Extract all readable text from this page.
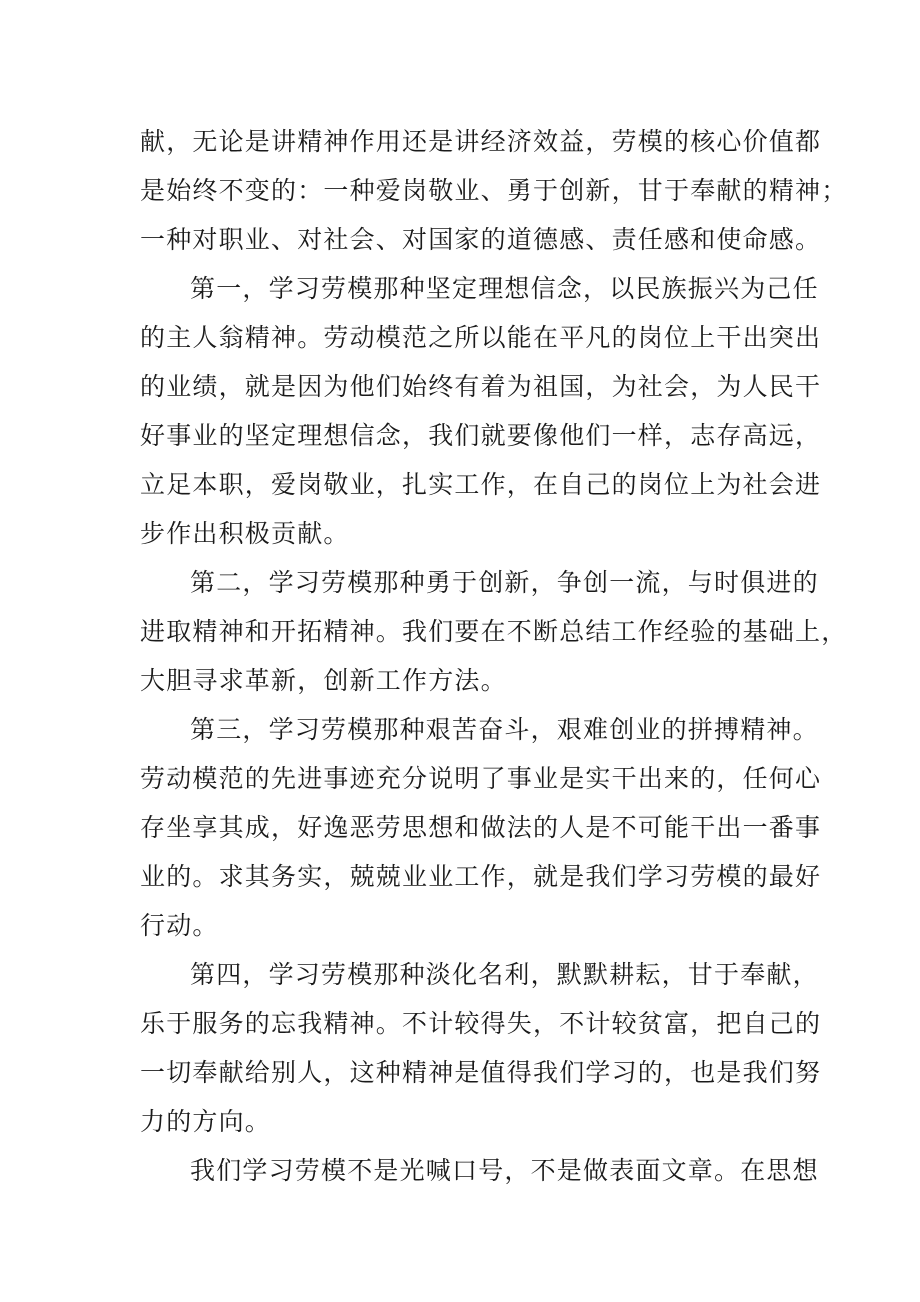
献，无论是讲精神作用还是讲经济效益，劳模的核心价值都
是始终不变的：一种爱岗敬业、勇于创新，甘于奉献的精神；
一种对职业、对社会、对国家的道德感、责任感和使命感。
第一，学习劳模那种坚定理想信念，以民族振兴为己任
的主人翁精神。劳动模范之所以能在平凡的岗位上干出突出
的业绩，就是因为他们始终有着为祖国，为社会，为人民干
好事业的坚定理想信念，我们就要像他们一样，志存高远，
立足本职，爱岗敬业，扎实工作，在自己的岗位上为社会进
步作出积极贡献。
第二，学习劳模那种勇于创新，争创一流，与时俱进的
进取精神和开拓精神。我们要在不断总结工作经验的基础上，
大胆寻求革新，创新工作方法。
第三，学习劳模那种艰苦奋斗，艰难创业的拼搏精神。
劳动模范的先进事迹充分说明了事业是实干出来的，任何心
存坐享其成，好逸恶劳思想和做法的人是不可能干出一番事
业的。求其务实，兢兢业业工作，就是我们学习劳模的最好
行动。
第四，学习劳模那种淡化名利，默默耕耘，甘于奉献，
乐于服务的忘我精神。不计较得失，不计较贫富，把自己的
一切奉献给别人，这种精神是值得我们学习的，也是我们努
力的方向。
我们学习劳模不是光喊口号，不是做表面文章。在思想
